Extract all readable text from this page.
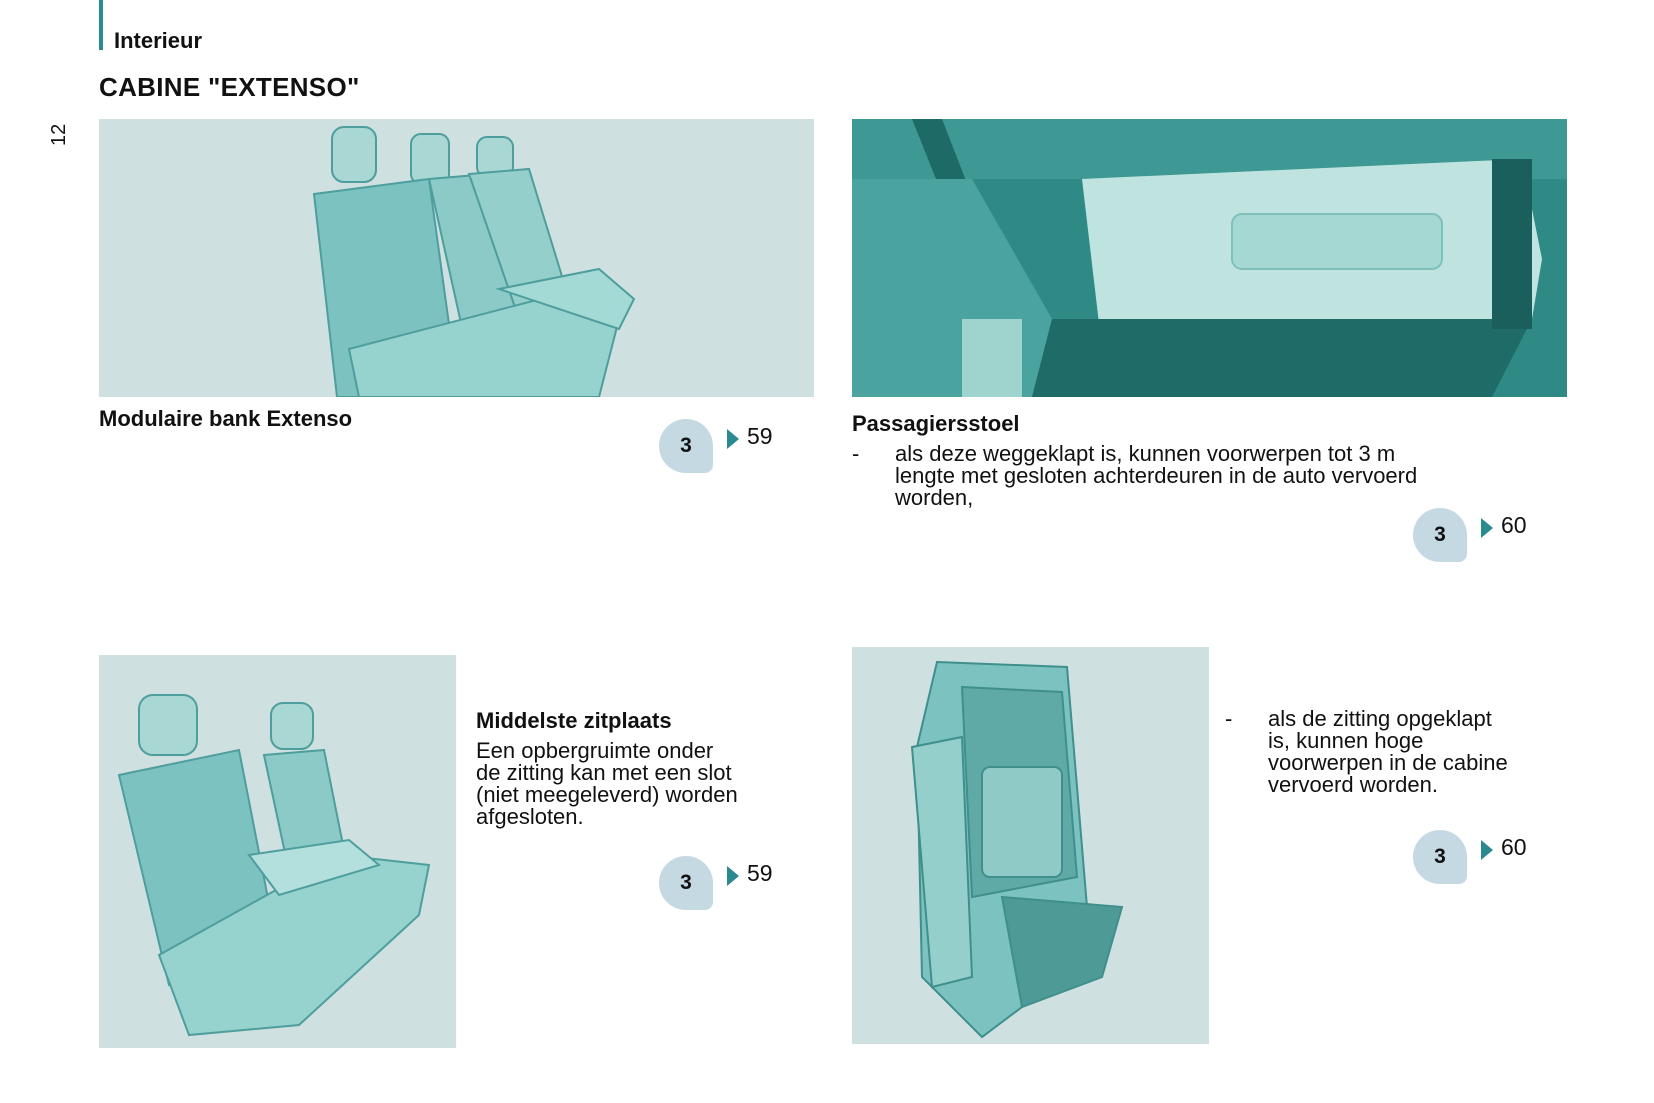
Interieur
CABINE "EXTENSO"
12
Modulaire bank Extenso
3	59	Passagiersstoel
- als deze weggeklapt is, kunnen voorwerpen tot 3 m
lengte met gesloten achterdeuren in de auto vervoerd
worden,
3	60
Middelste zitplaats
Een opbergruimte onder
de zitting kan met een slot
(niet meegeleverd) worden
afgesloten.
3	59
- als de zitting opgeklapt
is, kunnen hoge
voorwerpen in de cabine
vervoerd worden.
3	60
